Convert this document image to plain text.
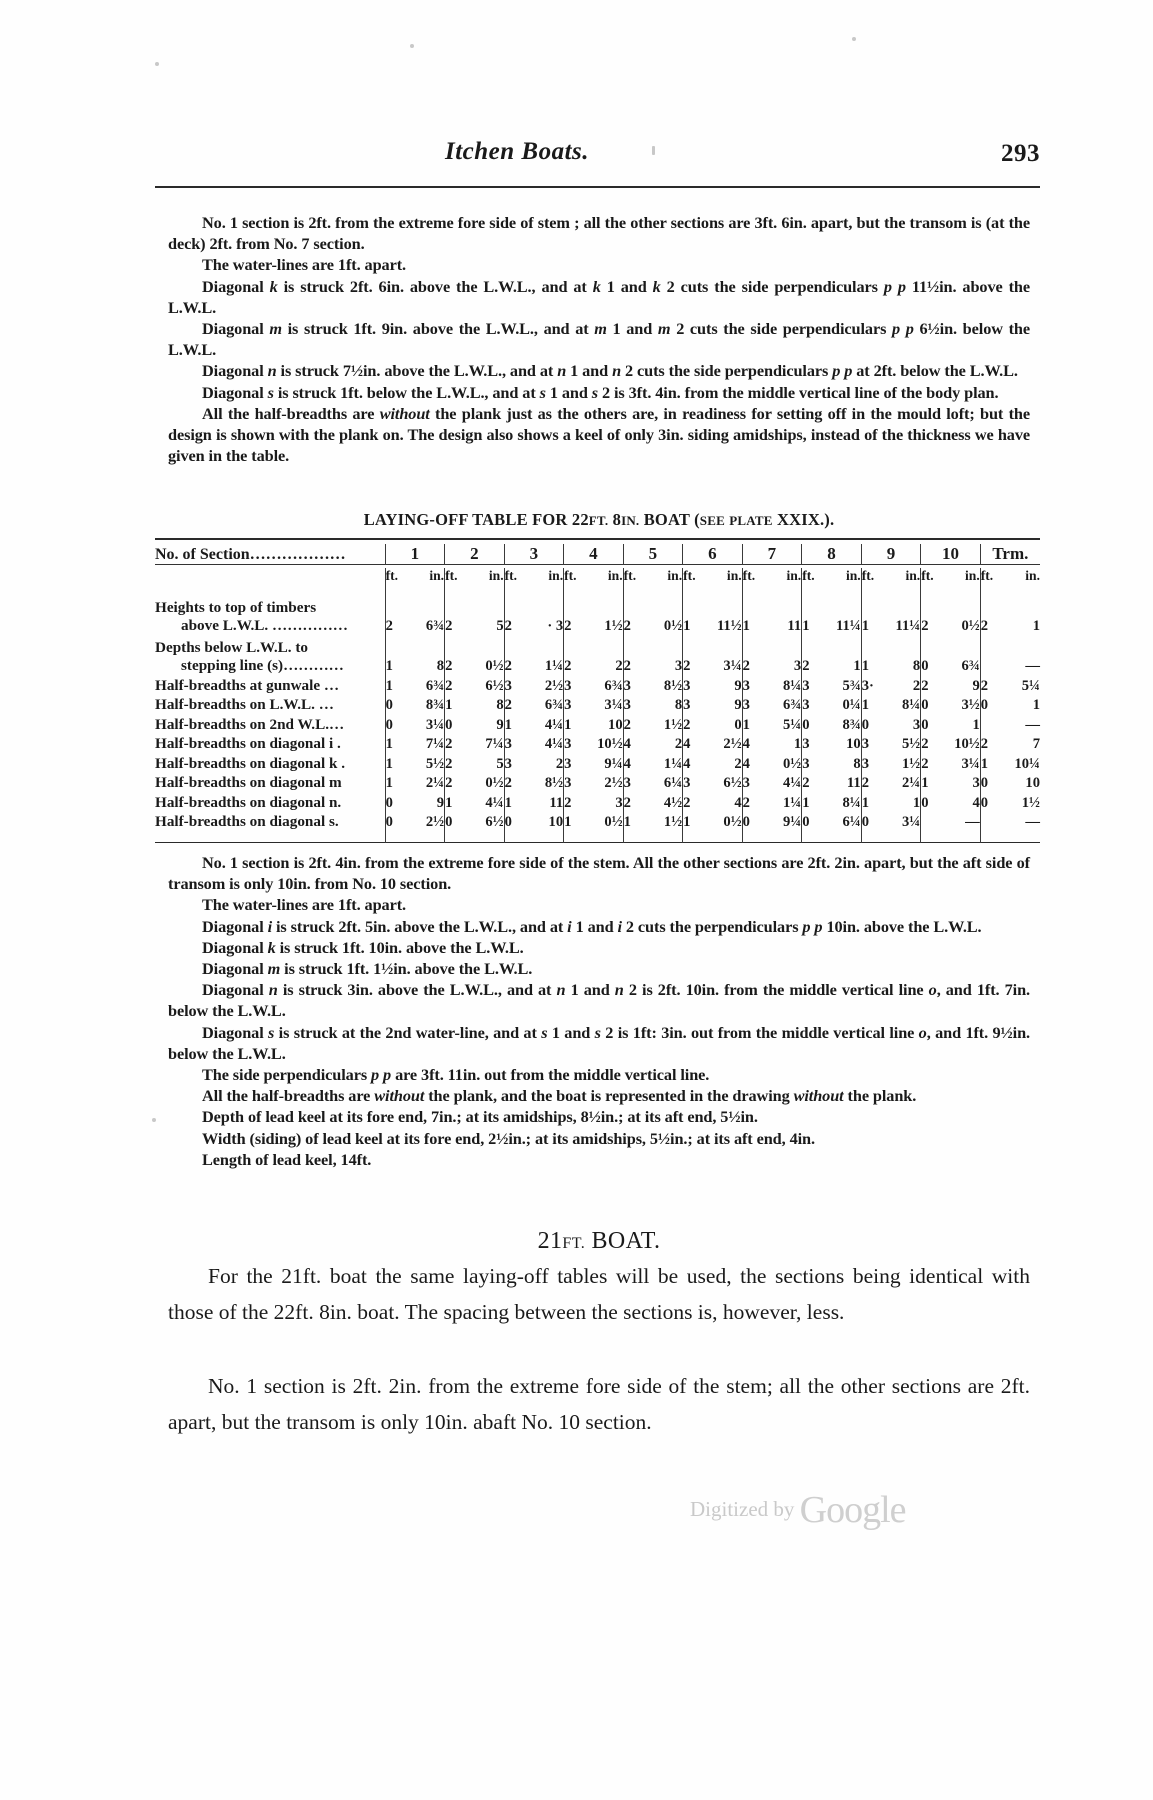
Itchen Boats.	293

No. 1 section is 2ft. from the extreme fore side of stem ; all the other sections are 3ft. 6in. apart, but the transom is (at the deck) 2ft. from No. 7 section.

The water-lines are 1ft. apart.

Diagonal k is struck 2ft. 6in. above the L.W.L., and at k 1 and k 2 cuts the side perpendiculars p p 11½in. above the L.W.L.

Diagonal m is struck 1ft. 9in. above the L.W.L., and at m 1 and m 2 cuts the side perpendiculars p p 6½in. below the L.W.L.

Diagonal n is struck 7½in. above the L.W.L., and at n 1 and n 2 cuts the side perpendiculars p p at 2ft. below the L.W.L.

Diagonal s is struck 1ft. below the L.W.L., and at s 1 and s 2 is 3ft. 4in. from the middle vertical line of the body plan.

All the half-breadths are without the plank just as the others are, in readiness for setting off in the mould loft; but the design is shown with the plank on. The design also shows a keel of only 3in. siding amidships, instead of the thickness we have given in the table.

LAYING-OFF TABLE FOR 22FT. 8IN. BOAT (SEE PLATE XXIX.).

No. of Section………………	1		2		3		4		5		6		7		8		9		10		Trm.	

	ft.	in.	ft.	in.	ft.	in.	ft.	in.	ft.	in.	ft.	in.	ft.	in.	ft.	in.	ft.	in.	ft.	in.	ft.	in.

Heights to top of timbers
above L.W.L. ……………	2	6¾	2	5	2	· 3	2	1½	2	0½	1	11½	1	11	1	11¼	1	11¼	2	0½	2	1

Depths below L.W.L. to
stepping line (s)…………	1	8	2	0½	2	1¼	2	2	2	3	2	3¼	2	3	2	1	1	8	0	6¾		—
Half-breadths at gunwale …	1	6¾	2	6½	3	2½	3	6¾	3	8½	3	9	3	8¼	3	5¾	3·	2	2	9	2	5¼
Half-breadths on L.W.L. …	0	8¾	1	8	2	6¾	3	3¼	3	8	3	9	3	6¾	3	0¼	1	8¼	0	3½	0	1
Half-breadths on 2nd W.L.…	0	3¼	0	9	1	4¼	1	10	2	1½	2	0	1	5¼	0	8¾	0	3	0	1		—
Half-breadths on diagonal i .	1	7¼	2	7¼	3	4¼	3	10½	4	2	4	2½	4	1	3	10	3	5½	2	10½	2	7
Half-breadths on diagonal k .	1	5½	2	5	3	2	3	9¼	4	1¼	4	2	4	0½	3	8	3	1½	2	3¼	1	10¼
Half-breadths on diagonal m	1	2¼	2	0½	2	8½	3	2½	3	6¼	3	6½	3	4¼	2	11	2	2¼	1	3	0	10
Half-breadths on diagonal n.	0	9	1	4¼	1	11	2	3	2	4½	2	4	2	1¼	1	8¼	1	1	0	4	0	1½
Half-breadths on diagonal s.	0	2½	0	6½	0	10	1	0½	1	1½	1	0½	0	9¼	0	6¼	0	3¼		—		—

No. 1 section is 2ft. 4in. from the extreme fore side of the stem. All the other sections are 2ft. 2in. apart, but the aft side of transom is only 10in. from No. 10 section.

The water-lines are 1ft. apart.

Diagonal i is struck 2ft. 5in. above the L.W.L., and at i 1 and i 2 cuts the perpendiculars p p 10in. above the L.W.L.

Diagonal k is struck 1ft. 10in. above the L.W.L.

Diagonal m is struck 1ft. 1½in. above the L.W.L.

Diagonal n is struck 3in. above the L.W.L., and at n 1 and n 2 is 2ft. 10in. from the middle vertical line o, and 1ft. 7in. below the L.W.L.

Diagonal s is struck at the 2nd water-line, and at s 1 and s 2 is 1ft: 3in. out from the middle vertical line o, and 1ft. 9½in. below the L.W.L.

The side perpendiculars p p are 3ft. 11in. out from the middle vertical line.

All the half-breadths are without the plank, and the boat is represented in the drawing without the plank.

Depth of lead keel at its fore end, 7in.; at its amidships, 8½in.; at its aft end, 5½in.

Width (siding) of lead keel at its fore end, 2½in.; at its amidships, 5½in.; at its aft end, 4in.

Length of lead keel, 14ft.

21FT. BOAT.

For the 21ft. boat the same laying-off tables will be used, the sections being identical with those of the 22ft. 8in. boat. The spacing between the sections is, however, less.

No. 1 section is 2ft. 2in. from the extreme fore side of the stem; all the other sections are 2ft. apart, but the transom is only 10in. abaft No. 10 section.

Digitized by Google
